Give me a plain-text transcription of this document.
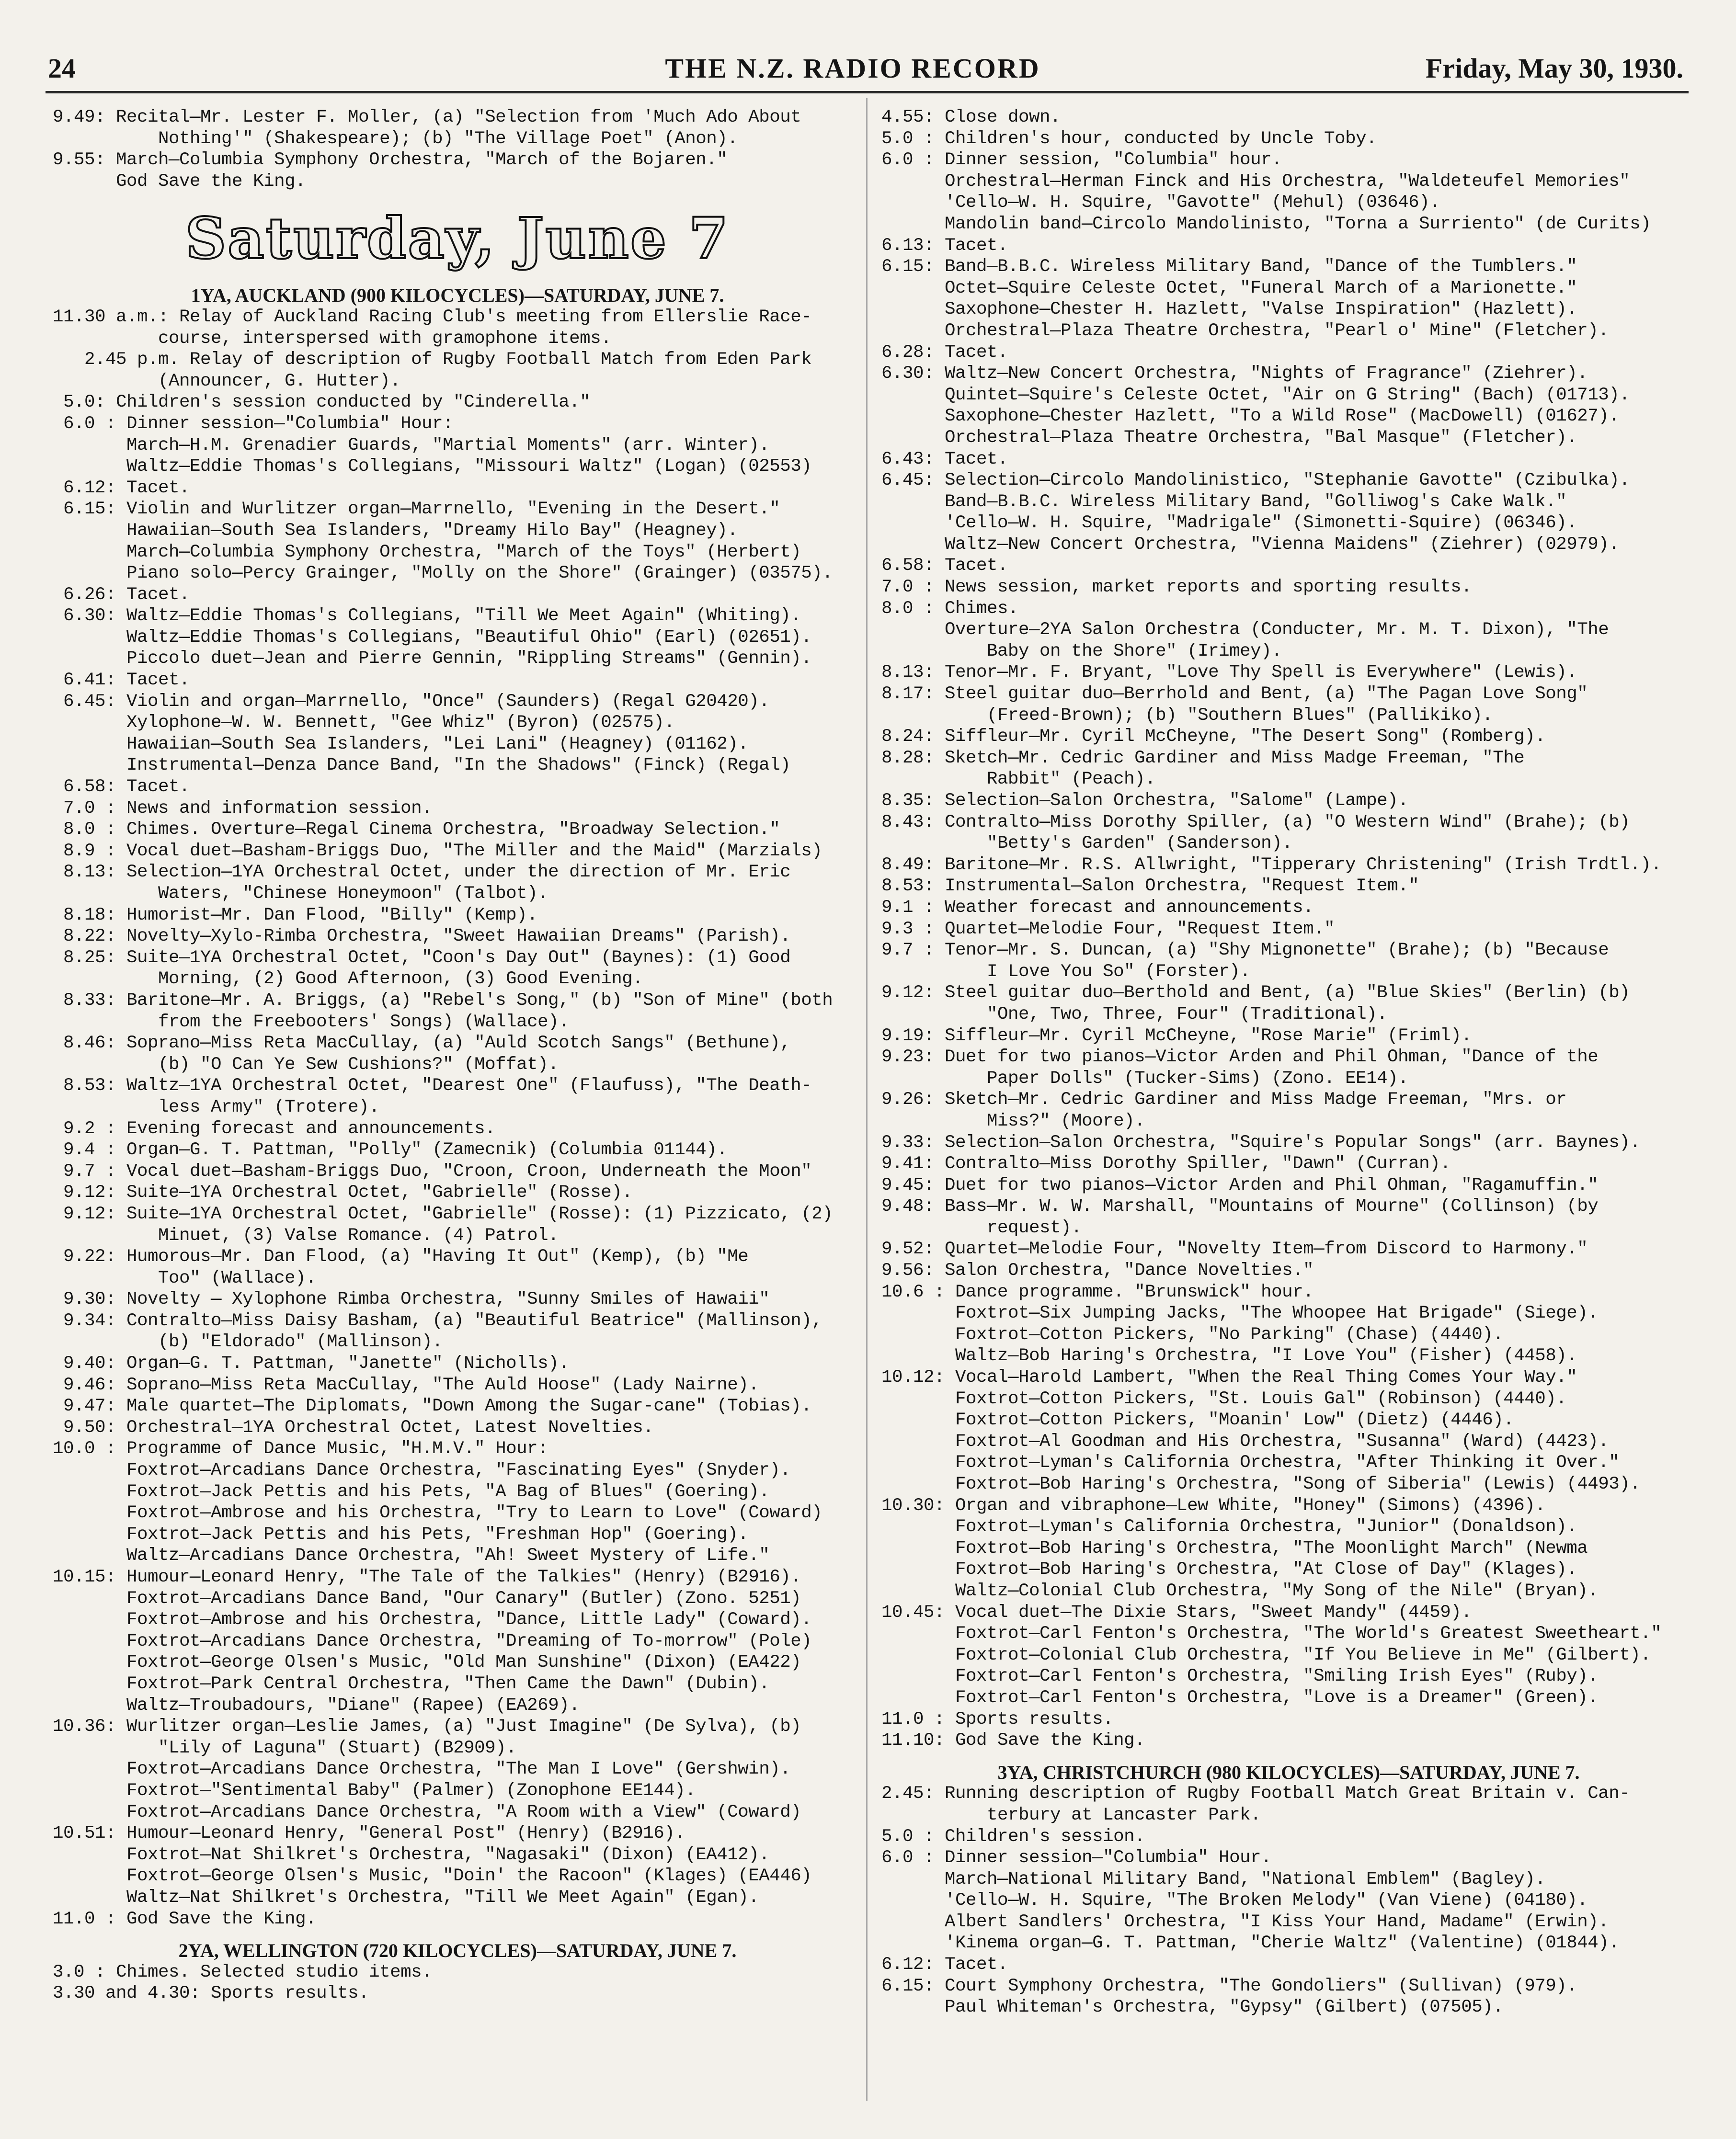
24	THE N.Z. RADIO RECORD	Friday, May 30, 1930.
9.49: Recital—Mr. Lester F. Moller, (a) "Selection from 'Much Ado About
Nothing'" (Shakespeare); (b) "The Village Poet" (Anon).
9.55: March—Columbia Symphony Orchestra, "March of the Bojaren."
God Save the King.
Saturday, June 7
1YA, AUCKLAND (900 KILOCYCLES)—SATURDAY, JUNE 7.
11.30 a.m.: Relay of Auckland Racing Club's meeting from Ellerslie Race-
course, interspersed with gramophone items.
2.45 p.m. Relay of description of Rugby Football Match from Eden Park
(Announcer, G. Hutter).
5.0: Children's session conducted by "Cinderella."
6.0 : Dinner session—"Columbia" Hour:
March—H.M. Grenadier Guards, "Martial Moments" (arr. Winter).
Waltz—Eddie Thomas's Collegians, "Missouri Waltz" (Logan) (02553)
6.12: Tacet.
6.15: Violin and Wurlitzer organ—Marrnello, "Evening in the Desert."
Hawaiian—South Sea Islanders, "Dreamy Hilo Bay" (Heagney).
March—Columbia Symphony Orchestra, "March of the Toys" (Herbert)
Piano solo—Percy Grainger, "Molly on the Shore" (Grainger) (03575).
6.26: Tacet.
6.30: Waltz—Eddie Thomas's Collegians, "Till We Meet Again" (Whiting).
Waltz—Eddie Thomas's Collegians, "Beautiful Ohio" (Earl) (02651).
Piccolo duet—Jean and Pierre Gennin, "Rippling Streams" (Gennin).
6.41: Tacet.
6.45: Violin and organ—Marrnello, "Once" (Saunders) (Regal G20420).
Xylophone—W. W. Bennett, "Gee Whiz" (Byron) (02575).
Hawaiian—South Sea Islanders, "Lei Lani" (Heagney) (01162).
Instrumental—Denza Dance Band, "In the Shadows" (Finck) (Regal)
6.58: Tacet.
7.0 : News and information session.
8.0 : Chimes. Overture—Regal Cinema Orchestra, "Broadway Selection."
8.9 : Vocal duet—Basham-Briggs Duo, "The Miller and the Maid" (Marzials)
8.13: Selection—1YA Orchestral Octet, under the direction of Mr. Eric
Waters, "Chinese Honeymoon" (Talbot).
8.18: Humorist—Mr. Dan Flood, "Billy" (Kemp).
8.22: Novelty—Xylo-Rimba Orchestra, "Sweet Hawaiian Dreams" (Parish).
8.25: Suite—1YA Orchestral Octet, "Coon's Day Out" (Baynes): (1) Good
Morning, (2) Good Afternoon, (3) Good Evening.
8.33: Baritone—Mr. A. Briggs, (a) "Rebel's Song," (b) "Son of Mine" (both
from the Freebooters' Songs) (Wallace).
8.46: Soprano—Miss Reta MacCullay, (a) "Auld Scotch Sangs" (Bethune),
(b) "O Can Ye Sew Cushions?" (Moffat).
8.53: Waltz—1YA Orchestral Octet, "Dearest One" (Flaufuss), "The Death-
less Army" (Trotere).
9.2 : Evening forecast and announcements.
9.4 : Organ—G. T. Pattman, "Polly" (Zamecnik) (Columbia 01144).
9.7 : Vocal duet—Basham-Briggs Duo, "Croon, Croon, Underneath the Moon"
9.12: Suite—1YA Orchestral Octet, "Gabrielle" (Rosse).
9.12: Suite—1YA Orchestral Octet, "Gabrielle" (Rosse): (1) Pizzicato, (2)
Minuet, (3) Valse Romance. (4) Patrol.
9.22: Humorous—Mr. Dan Flood, (a) "Having It Out" (Kemp), (b) "Me
Too" (Wallace).
9.30: Novelty — Xylophone Rimba Orchestra, "Sunny Smiles of Hawaii"
9.34: Contralto—Miss Daisy Basham, (a) "Beautiful Beatrice" (Mallinson),
(b) "Eldorado" (Mallinson).
9.40: Organ—G. T. Pattman, "Janette" (Nicholls).
9.46: Soprano—Miss Reta MacCullay, "The Auld Hoose" (Lady Nairne).
9.47: Male quartet—The Diplomats, "Down Among the Sugar-cane" (Tobias).
9.50: Orchestral—1YA Orchestral Octet, Latest Novelties.
10.0 : Programme of Dance Music, "H.M.V." Hour:
Foxtrot—Arcadians Dance Orchestra, "Fascinating Eyes" (Snyder).
Foxtrot—Jack Pettis and his Pets, "A Bag of Blues" (Goering).
Foxtrot—Ambrose and his Orchestra, "Try to Learn to Love" (Coward)
Foxtrot—Jack Pettis and his Pets, "Freshman Hop" (Goering).
Waltz—Arcadians Dance Orchestra, "Ah! Sweet Mystery of Life."
10.15: Humour—Leonard Henry, "The Tale of the Talkies" (Henry) (B2916).
Foxtrot—Arcadians Dance Band, "Our Canary" (Butler) (Zono. 5251)
Foxtrot—Ambrose and his Orchestra, "Dance, Little Lady" (Coward).
Foxtrot—Arcadians Dance Orchestra, "Dreaming of To-morrow" (Pole)
Foxtrot—George Olsen's Music, "Old Man Sunshine" (Dixon) (EA422)
Foxtrot—Park Central Orchestra, "Then Came the Dawn" (Dubin).
Waltz—Troubadours, "Diane" (Rapee) (EA269).
10.36: Wurlitzer organ—Leslie James, (a) "Just Imagine" (De Sylva), (b)
"Lily of Laguna" (Stuart) (B2909).
Foxtrot—Arcadians Dance Orchestra, "The Man I Love" (Gershwin).
Foxtrot—"Sentimental Baby" (Palmer) (Zonophone EE144).
Foxtrot—Arcadians Dance Orchestra, "A Room with a View" (Coward)
10.51: Humour—Leonard Henry, "General Post" (Henry) (B2916).
Foxtrot—Nat Shilkret's Orchestra, "Nagasaki" (Dixon) (EA412).
Foxtrot—George Olsen's Music, "Doin' the Racoon" (Klages) (EA446)
Waltz—Nat Shilkret's Orchestra, "Till We Meet Again" (Egan).
11.0 : God Save the King.
2YA, WELLINGTON (720 KILOCYCLES)—SATURDAY, JUNE 7.
3.0 : Chimes. Selected studio items.
3.30 and 4.30: Sports results.
4.55: Close down.
5.0 : Children's hour, conducted by Uncle Toby.
6.0 : Dinner session, "Columbia" hour.
Orchestral—Herman Finck and His Orchestra, "Waldeteufel Memories"
'Cello—W. H. Squire, "Gavotte" (Mehul) (03646).
Mandolin band—Circolo Mandolinisto, "Torna a Surriento" (de Curits)
6.13: Tacet.
6.15: Band—B.B.C. Wireless Military Band, "Dance of the Tumblers."
Octet—Squire Celeste Octet, "Funeral March of a Marionette."
Saxophone—Chester H. Hazlett, "Valse Inspiration" (Hazlett).
Orchestral—Plaza Theatre Orchestra, "Pearl o' Mine" (Fletcher).
6.28: Tacet.
6.30: Waltz—New Concert Orchestra, "Nights of Fragrance" (Ziehrer).
Quintet—Squire's Celeste Octet, "Air on G String" (Bach) (01713).
Saxophone—Chester Hazlett, "To a Wild Rose" (MacDowell) (01627).
Orchestral—Plaza Theatre Orchestra, "Bal Masque" (Fletcher).
6.43: Tacet.
6.45: Selection—Circolo Mandolinistico, "Stephanie Gavotte" (Czibulka).
Band—B.B.C. Wireless Military Band, "Golliwog's Cake Walk."
'Cello—W. H. Squire, "Madrigale" (Simonetti-Squire) (06346).
Waltz—New Concert Orchestra, "Vienna Maidens" (Ziehrer) (02979).
6.58: Tacet.
7.0 : News session, market reports and sporting results.
8.0 : Chimes.
Overture—2YA Salon Orchestra (Conducter, Mr. M. T. Dixon), "The
Baby on the Shore" (Irimey).
8.13: Tenor—Mr. F. Bryant, "Love Thy Spell is Everywhere" (Lewis).
8.17: Steel guitar duo—Berrhold and Bent, (a) "The Pagan Love Song"
(Freed-Brown); (b) "Southern Blues" (Pallikiko).
8.24: Siffleur—Mr. Cyril McCheyne, "The Desert Song" (Romberg).
8.28: Sketch—Mr. Cedric Gardiner and Miss Madge Freeman, "The
Rabbit" (Peach).
8.35: Selection—Salon Orchestra, "Salome" (Lampe).
8.43: Contralto—Miss Dorothy Spiller, (a) "O Western Wind" (Brahe); (b)
"Betty's Garden" (Sanderson).
8.49: Baritone—Mr. R.S. Allwright, "Tipperary Christening" (Irish Trdtl.).
8.53: Instrumental—Salon Orchestra, "Request Item."
9.1 : Weather forecast and announcements.
9.3 : Quartet—Melodie Four, "Request Item."
9.7 : Tenor—Mr. S. Duncan, (a) "Shy Mignonette" (Brahe); (b) "Because
I Love You So" (Forster).
9.12: Steel guitar duo—Berthold and Bent, (a) "Blue Skies" (Berlin) (b)
"One, Two, Three, Four" (Traditional).
9.19: Siffleur—Mr. Cyril McCheyne, "Rose Marie" (Friml).
9.23: Duet for two pianos—Victor Arden and Phil Ohman, "Dance of the
Paper Dolls" (Tucker-Sims) (Zono. EE14).
9.26: Sketch—Mr. Cedric Gardiner and Miss Madge Freeman, "Mrs. or
Miss?" (Moore).
9.33: Selection—Salon Orchestra, "Squire's Popular Songs" (arr. Baynes).
9.41: Contralto—Miss Dorothy Spiller, "Dawn" (Curran).
9.45: Duet for two pianos—Victor Arden and Phil Ohman, "Ragamuffin."
9.48: Bass—Mr. W. W. Marshall, "Mountains of Mourne" (Collinson) (by
request).
9.52: Quartet—Melodie Four, "Novelty Item—from Discord to Harmony."
9.56: Salon Orchestra, "Dance Novelties."
10.6 : Dance programme. "Brunswick" hour.
Foxtrot—Six Jumping Jacks, "The Whoopee Hat Brigade" (Siege).
Foxtrot—Cotton Pickers, "No Parking" (Chase) (4440).
Waltz—Bob Haring's Orchestra, "I Love You" (Fisher) (4458).
10.12: Vocal—Harold Lambert, "When the Real Thing Comes Your Way."
Foxtrot—Cotton Pickers, "St. Louis Gal" (Robinson) (4440).
Foxtrot—Cotton Pickers, "Moanin' Low" (Dietz) (4446).
Foxtrot—Al Goodman and His Orchestra, "Susanna" (Ward) (4423).
Foxtrot—Lyman's California Orchestra, "After Thinking it Over."
Foxtrot—Bob Haring's Orchestra, "Song of Siberia" (Lewis) (4493).
10.30: Organ and vibraphone—Lew White, "Honey" (Simons) (4396).
Foxtrot—Lyman's California Orchestra, "Junior" (Donaldson).
Foxtrot—Bob Haring's Orchestra, "The Moonlight March" (Newma
Foxtrot—Bob Haring's Orchestra, "At Close of Day" (Klages).
Waltz—Colonial Club Orchestra, "My Song of the Nile" (Bryan).
10.45: Vocal duet—The Dixie Stars, "Sweet Mandy" (4459).
Foxtrot—Carl Fenton's Orchestra, "The World's Greatest Sweetheart."
Foxtrot—Colonial Club Orchestra, "If You Believe in Me" (Gilbert).
Foxtrot—Carl Fenton's Orchestra, "Smiling Irish Eyes" (Ruby).
Foxtrot—Carl Fenton's Orchestra, "Love is a Dreamer" (Green).
11.0 : Sports results.
11.10: God Save the King.
3YA, CHRISTCHURCH (980 KILOCYCLES)—SATURDAY, JUNE 7.
2.45: Running description of Rugby Football Match Great Britain v. Can-
terbury at Lancaster Park.
5.0 : Children's session.
6.0 : Dinner session—"Columbia" Hour.
March—National Military Band, "National Emblem" (Bagley).
'Cello—W. H. Squire, "The Broken Melody" (Van Viene) (04180).
Albert Sandlers' Orchestra, "I Kiss Your Hand, Madame" (Erwin).
'Kinema organ—G. T. Pattman, "Cherie Waltz" (Valentine) (01844).
6.12: Tacet.
6.15: Court Symphony Orchestra, "The Gondoliers" (Sullivan) (979).
Paul Whiteman's Orchestra, "Gypsy" (Gilbert) (07505).
